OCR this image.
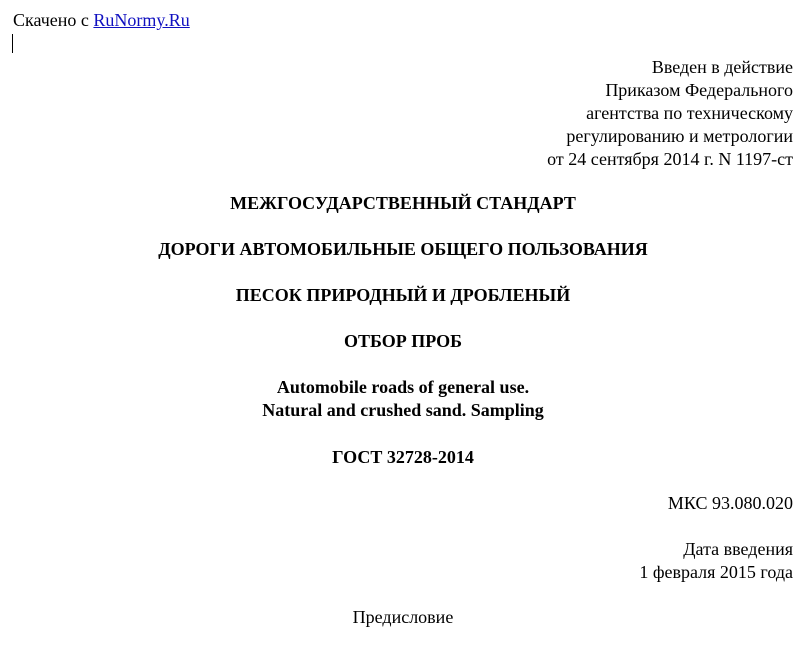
Скачено с RuNormy.Ru
Введен в действие
Приказом Федерального
агентства по техническому
регулированию и метрологии
от 24 сентября 2014 г. N 1197-ст
МЕЖГОСУДАРСТВЕННЫЙ СТАНДАРТ
ДОРОГИ АВТОМОБИЛЬНЫЕ ОБЩЕГО ПОЛЬЗОВАНИЯ
ПЕСОК ПРИРОДНЫЙ И ДРОБЛЕНЫЙ
ОТБОР ПРОБ
Automobile roads of general use.
Natural and crushed sand. Sampling
ГОСТ 32728-2014
МКС 93.080.020
Дата введения
1 февраля 2015 года
Предисловие
